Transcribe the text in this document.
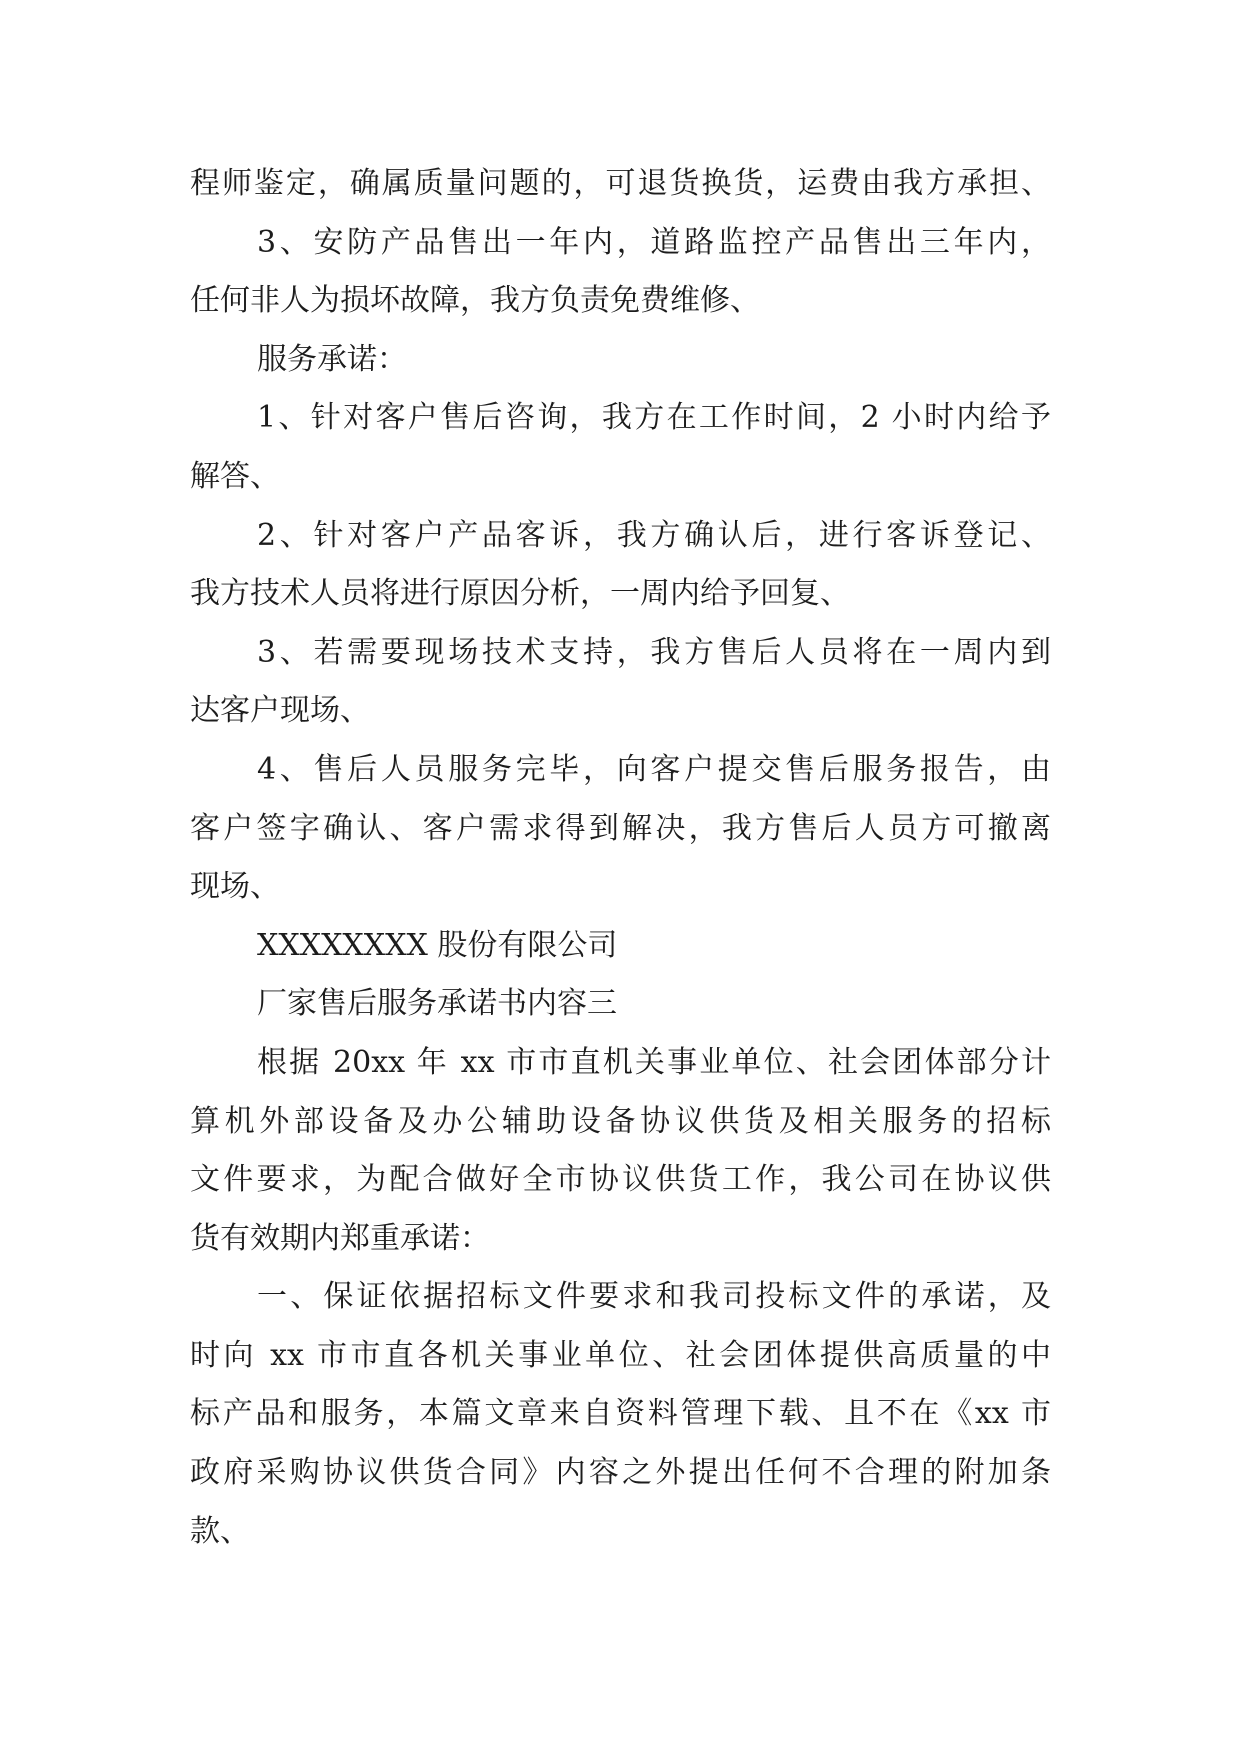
程师鉴定，确属质量问题的，可退货换货，运费由我方承担、
3、安防产品售出一年内，道路监控产品售出三年内，
任何非人为损坏故障，我方负责免费维修、
服务承诺：
1、针对客户售后咨询，我方在工作时间，2 小时内给予
解答、
2、针对客户产品客诉，我方确认后，进行客诉登记、
我方技术人员将进行原因分析，一周内给予回复、
3、若需要现场技术支持，我方售后人员将在一周内到
达客户现场、
4、售后人员服务完毕，向客户提交售后服务报告，由
客户签字确认、客户需求得到解决，我方售后人员方可撤离
现场、
XXXXXXXX 股份有限公司
厂家售后服务承诺书内容三
根据 20xx 年 xx 市市直机关事业单位、社会团体部分计
算机外部设备及办公辅助设备协议供货及相关服务的招标
文件要求，为配合做好全市协议供货工作，我公司在协议供
货有效期内郑重承诺：
一、保证依据招标文件要求和我司投标文件的承诺，及
时向 xx 市市直各机关事业单位、社会团体提供高质量的中
标产品和服务，本篇文章来自资料管理下载、且不在《xx 市
政府采购协议供货合同》内容之外提出任何不合理的附加条
款、
